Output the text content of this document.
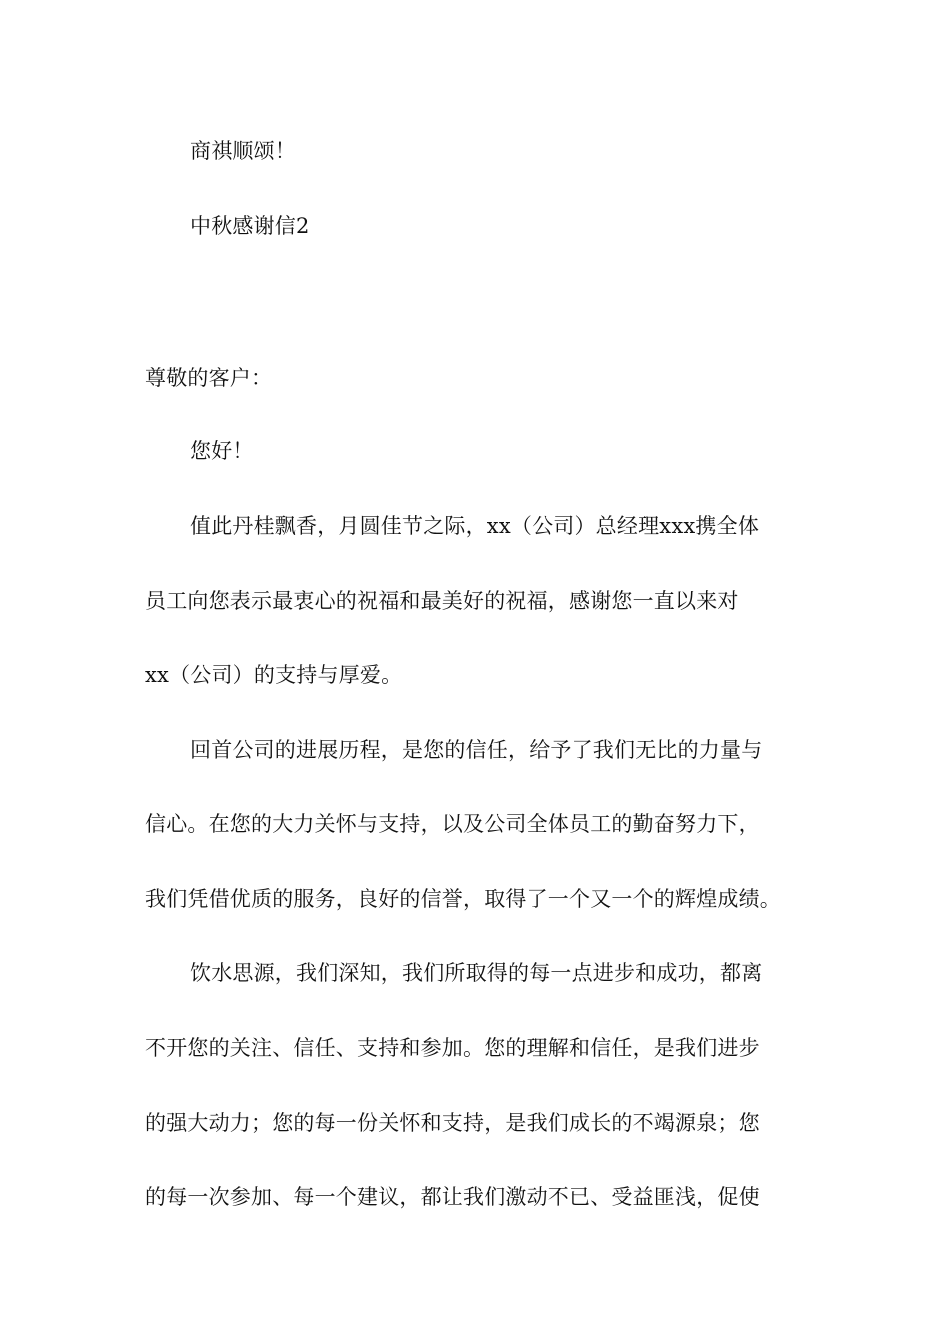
商祺顺颂！
中秋感谢信2
尊敬的客户：
您好！
值此丹桂飘香，月圆佳节之际，xx（公司）总经理xxx携全体
员工向您表示最衷心的祝福和最美好的祝福，感谢您一直以来对
xx（公司）的支持与厚爱。
回首公司的进展历程，是您的信任，给予了我们无比的力量与
信心。在您的大力关怀与支持，以及公司全体员工的勤奋努力下，
我们凭借优质的服务，良好的信誉，取得了一个又一个的辉煌成绩。
饮水思源，我们深知，我们所取得的每一点进步和成功，都离
不开您的关注、信任、支持和参加。您的理解和信任，是我们进步
的强大动力；您的每一份关怀和支持，是我们成长的不竭源泉；您
的每一次参加、每一个建议，都让我们激动不已、受益匪浅，促使
